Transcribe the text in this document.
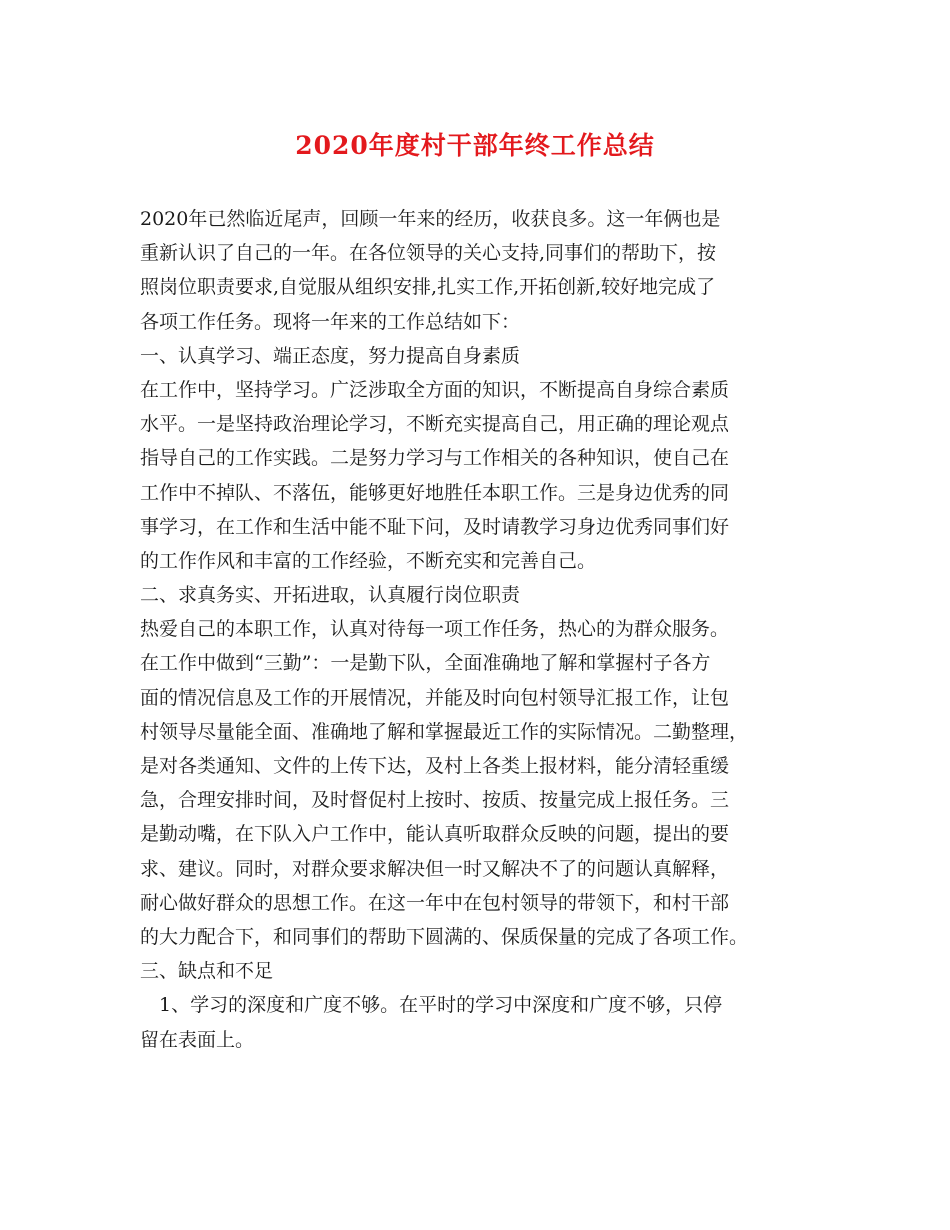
2020年度村干部年终工作总结
2020年已然临近尾声，回顾一年来的经历，收获良多。这一年俩也是
重新认识了自己的一年。在各位领导的关心支持,同事们的帮助下，按
照岗位职责要求,自觉服从组织安排,扎实工作,开拓创新,较好地完成了
各项工作任务。现将一年来的工作总结如下：
一、认真学习、端正态度，努力提高自身素质
在工作中，坚持学习。广泛涉取全方面的知识，不断提高自身综合素质
水平。一是坚持政治理论学习，不断充实提高自己，用正确的理论观点
指导自己的工作实践。二是努力学习与工作相关的各种知识，使自己在
工作中不掉队、不落伍，能够更好地胜任本职工作。三是身边优秀的同
事学习，在工作和生活中能不耻下问，及时请教学习身边优秀同事们好
的工作作风和丰富的工作经验，不断充实和完善自己。
二、求真务实、开拓进取，认真履行岗位职责
热爱自己的本职工作，认真对待每一项工作任务，热心的为群众服务。
在工作中做到“三勤”：一是勤下队，全面准确地了解和掌握村子各方
面的情况信息及工作的开展情况，并能及时向包村领导汇报工作，让包
村领导尽量能全面、准确地了解和掌握最近工作的实际情况。二勤整理，
是对各类通知、文件的上传下达，及村上各类上报材料，能分清轻重缓
急，合理安排时间，及时督促村上按时、按质、按量完成上报任务。三
是勤动嘴，在下队入户工作中，能认真听取群众反映的问题，提出的要
求、建议。同时，对群众要求解决但一时又解决不了的问题认真解释，
耐心做好群众的思想工作。在这一年中在包村领导的带领下，和村干部
的大力配合下，和同事们的帮助下圆满的、保质保量的完成了各项工作。
三、缺点和不足
1、学习的深度和广度不够。在平时的学习中深度和广度不够，只停
留在表面上。
